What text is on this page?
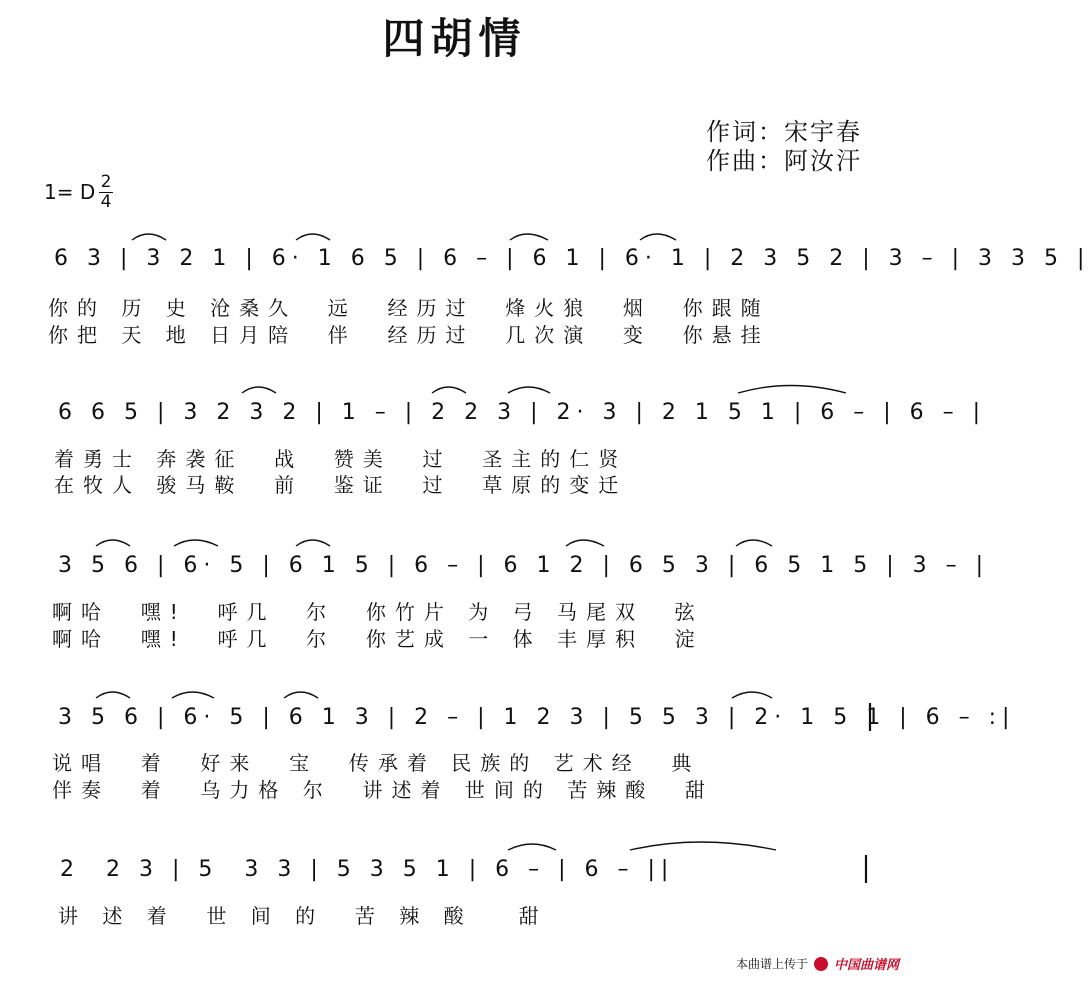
四胡情
作词：宋宇春
作曲：阿汝汗
1= D 2
4
6 3 | 3 2 1 | 6· 1 6 5 | 6 – | 6 1 | 6· 1 | 2 3 5 2 | 3 – | 3 3 5 |
你的 历 史 沧桑久  远  经历过  烽火狼  烟  你跟随
你把 天 地 日月陪  伴  经历过  几次演  变  你悬挂
6 6 5 | 3 2 3 2 | 1 – | 2 2 3 | 2· 3 | 2 1 5 1 | 6 – | 6 – |
着勇士 奔袭征  战  赞美  过  圣主的仁贤
在牧人 骏马鞍  前  鉴证  过  草原的变迁
3 5 6 | 6· 5 | 6 1 5 | 6 – | 6 1 2 | 6 5 3 | 6 5 1 5 | 3 – |
啊哈  嘿!  呼几  尔  你竹片 为 弓 马尾双  弦
啊哈  嘿!  呼几  尔  你艺成 一 体 丰厚积  淀
3 5 6 | 6· 5 | 6 1 3 | 2 – | 1 2 3 | 5 5 3 | 2· 1 5 1 | 6 – :|
说唱  着  好来  宝  传承着 民族的 艺术经  典
伴奏  着  乌力格 尔  讲述着 世间的 苦辣酸  甜
2  2 3 | 5  3 3 | 5 3 5 1 | 6 – | 6 – ||
讲 述 着  世 间 的  苦 辣 酸   甜
本曲谱上传于 中国曲谱网
